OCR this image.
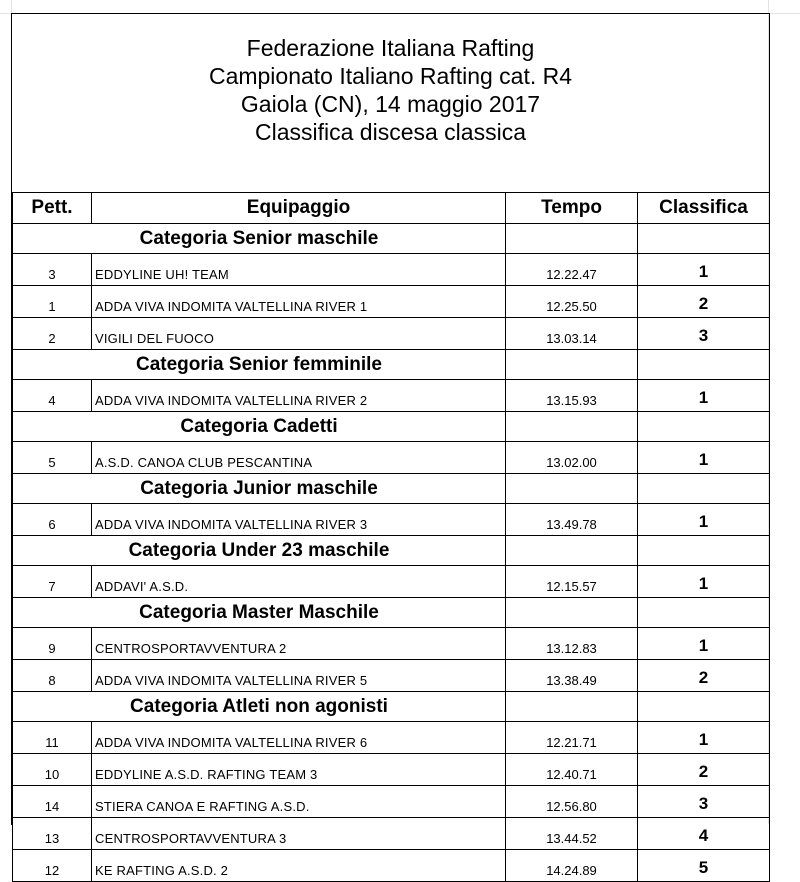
Federazione Italiana Rafting
Campionato Italiano Rafting cat. R4
Gaiola (CN), 14 maggio 2017
Classifica discesa classica
Pett.	Equipaggio	Tempo	Classifica
Categoria Senior maschile			
3	EDDYLINE UH! TEAM	12.22.47	1
1	ADDA VIVA INDOMITA VALTELLINA RIVER 1	12.25.50	2
2	VIGILI DEL FUOCO	13.03.14	3
Categoria Senior femminile			
4	ADDA VIVA INDOMITA VALTELLINA RIVER 2	13.15.93	1
Categoria Cadetti			
5	A.S.D. CANOA CLUB PESCANTINA	13.02.00	1
Categoria Junior maschile			
6	ADDA VIVA INDOMITA VALTELLINA RIVER 3	13.49.78	1
Categoria Under 23 maschile			
7	ADDAVI' A.S.D.	12.15.57	1
Categoria Master Maschile			
9	CENTROSPORTAVVENTURA 2	13.12.83	1
8	ADDA VIVA INDOMITA VALTELLINA RIVER 5	13.38.49	2
Categoria Atleti non agonisti			
11	ADDA VIVA INDOMITA VALTELLINA RIVER 6	12.21.71	1
10	EDDYLINE A.S.D. RAFTING TEAM 3	12.40.71	2
14	STIERA CANOA E RAFTING A.S.D.	12.56.80	3
13	CENTROSPORTAVVENTURA 3	13.44.52	4
12	KE RAFTING A.S.D. 2	14.24.89	5
